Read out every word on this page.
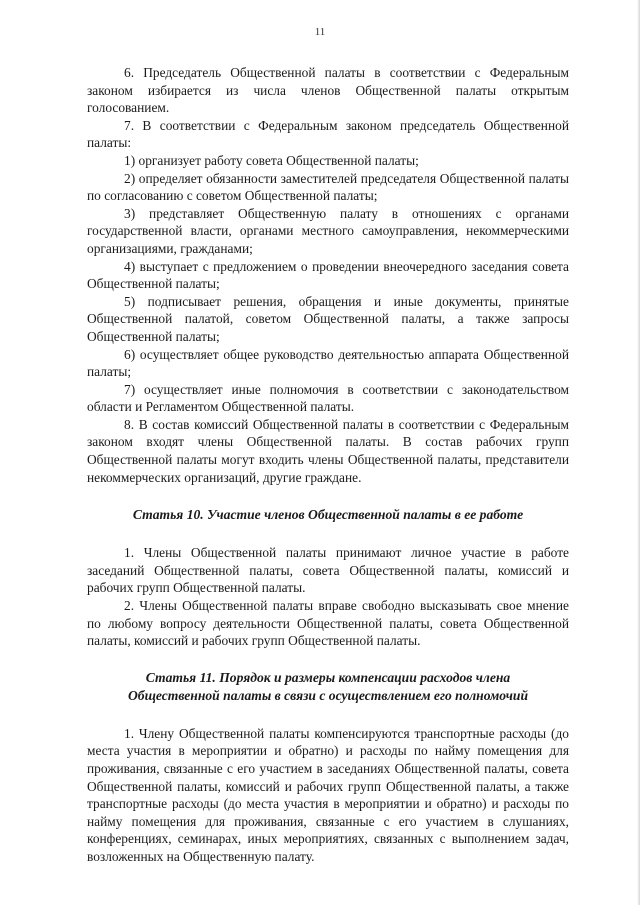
11

6. Председатель Общественной палаты в соответствии с Федеральным законом избирается из числа членов Общественной палаты открытым голосованием.

7. В соответствии с Федеральным законом председатель Общественной палаты:

1) организует работу совета Общественной палаты;

2) определяет обязанности заместителей председателя Общественной палаты по согласованию с советом Общественной палаты;

3) представляет Общественную палату в отношениях с органами государственной власти, органами местного самоуправления, некоммерческими организациями, гражданами;

4) выступает с предложением о проведении внеочередного заседания совета Общественной палаты;

5) подписывает решения, обращения и иные документы, принятые Общественной палатой, советом Общественной палаты, а также запросы Общественной палаты;

6) осуществляет общее руководство деятельностью аппарата Общественной палаты;

7) осуществляет иные полномочия в соответствии с законодательством области и Регламентом Общественной палаты.

8. В состав комиссий Общественной палаты в соответствии с Федеральным законом входят члены Общественной палаты. В состав рабочих групп Общественной палаты могут входить члены Общественной палаты, представители некоммерческих организаций, другие граждане.

Статья 10. Участие членов Общественной палаты в ее работе

1. Члены Общественной палаты принимают личное участие в работе заседаний Общественной палаты, совета Общественной палаты, комиссий и рабочих групп Общественной палаты.

2. Члены Общественной палаты вправе свободно высказывать свое мнение по любому вопросу деятельности Общественной палаты, совета Общественной палаты, комиссий и рабочих групп Общественной палаты.

Статья 11. Порядок и размеры компенсации расходов члена
Общественной палаты в связи с осуществлением его полномочий

1. Члену Общественной палаты компенсируются транспортные расходы (до места участия в мероприятии и обратно) и расходы по найму помещения для проживания, связанные с его участием в заседаниях Общественной палаты, совета Общественной палаты, комиссий и рабочих групп Общественной палаты, а также транспортные расходы (до места участия в мероприятии и обратно) и расходы по найму помещения для проживания, связанные с его участием в слушаниях, конференциях, семинарах, иных мероприятиях, связанных с выполнением задач, возложенных на Общественную палату.
